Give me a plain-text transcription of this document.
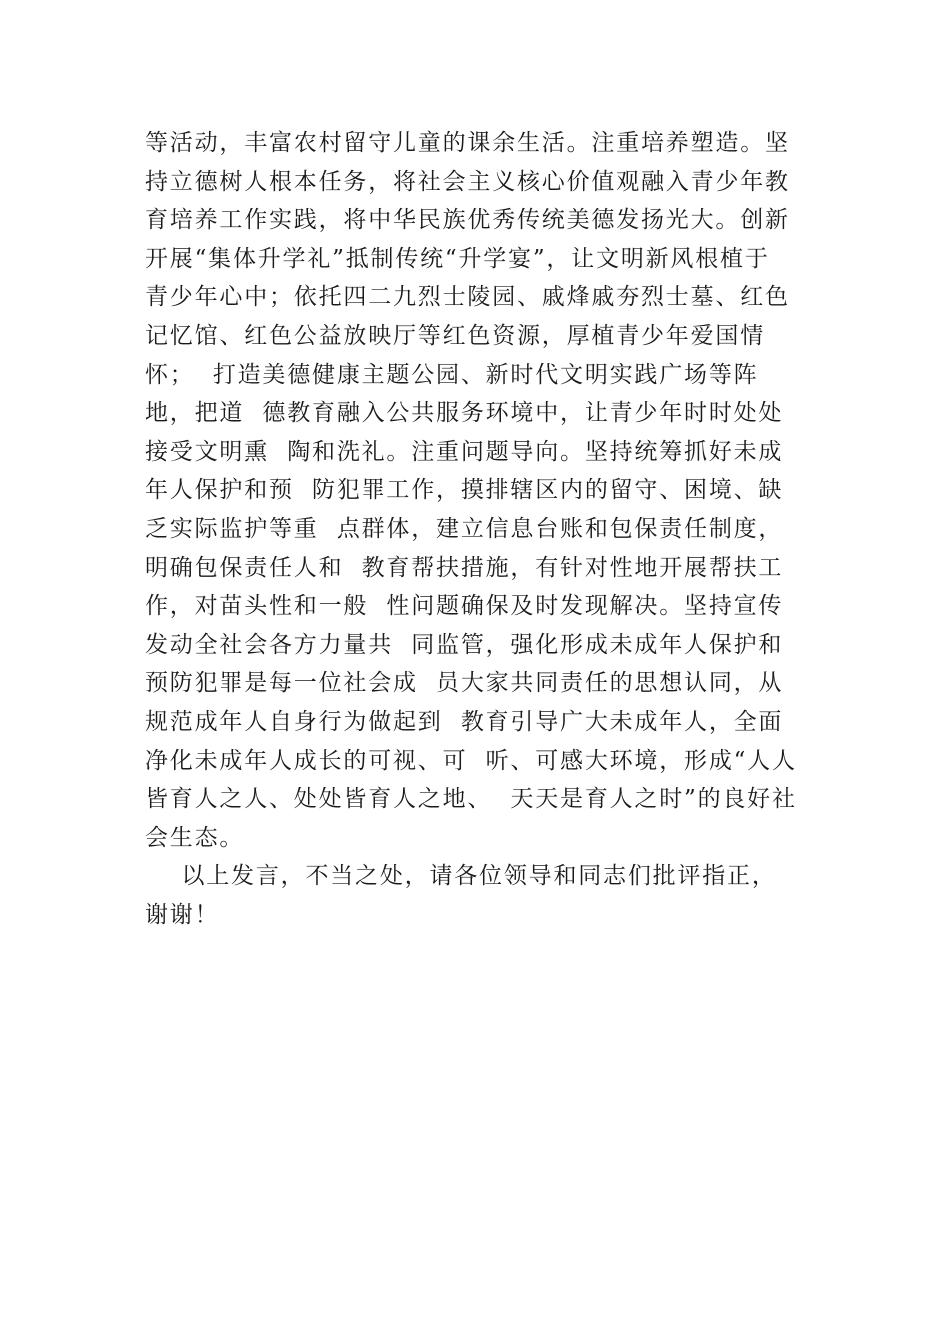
等活动，丰富农村留守儿童的课余生活。注重培养塑造。坚
持立德树人根本任务，将社会主义核心价值观融入青少年教
育培养工作实践，将中华民族优秀传统美德发扬光大。创新
开展“集体升学礼”抵制传统“升学宴”，让文明新风根植于
青少年心中；依托四二九烈士陵园、戚烽戚夯烈士墓、红色
记忆馆、红色公益放映厅等红色资源，厚植青少年爱国情
怀；  打造美德健康主题公园、新时代文明实践广场等阵
地，把道  德教育融入公共服务环境中，让青少年时时处处
接受文明熏  陶和洗礼。注重问题导向。坚持统筹抓好未成
年人保护和预  防犯罪工作，摸排辖区内的留守、困境、缺
乏实际监护等重  点群体，建立信息台账和包保责任制度，
明确包保责任人和  教育帮扶措施，有针对性地开展帮扶工
作，对苗头性和一般  性问题确保及时发现解决。坚持宣传
发动全社会各方力量共  同监管，强化形成未成年人保护和
预防犯罪是每一位社会成  员大家共同责任的思想认同，从
规范成年人自身行为做起到  教育引导广大未成年人，全面
净化未成年人成长的可视、可  听、可感大环境，形成“人人
皆育人之人、处处皆育人之地、  天天是育人之时”的良好社
会生态。
以上发言，不当之处，请各位领导和同志们批评指正，
谢谢！
